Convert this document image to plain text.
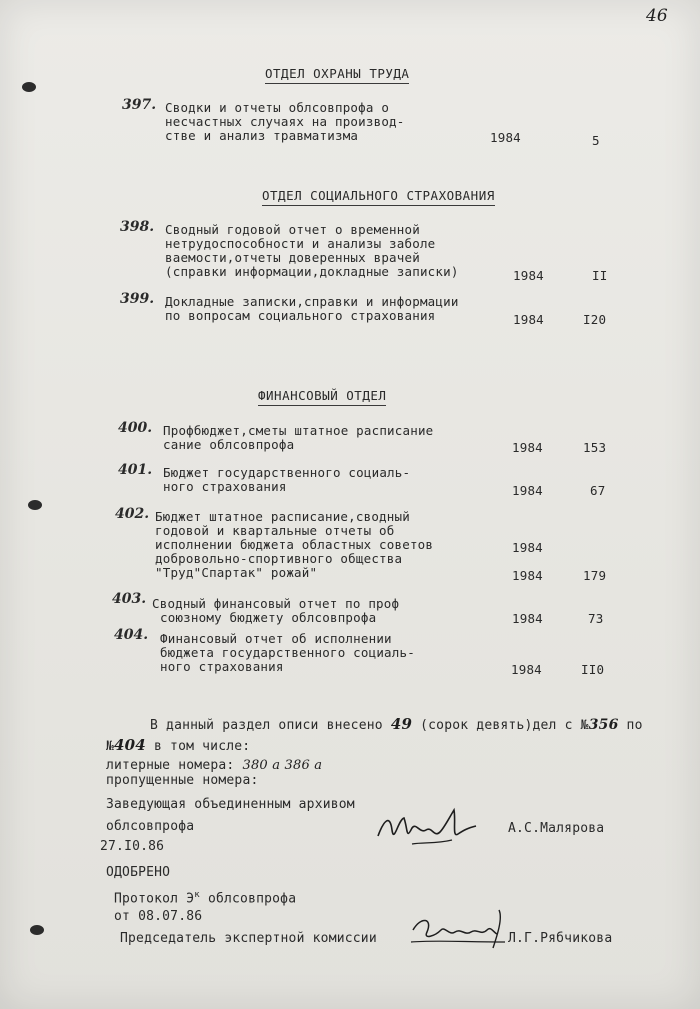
46
ОТДЕЛ ОХРАНЫ ТРУДА
397. Сводки и отчеты облсовпрофа о
несчастных случаях на производ-
стве и анализ травматизма	1984	5
ОТДЕЛ СОЦИАЛЬНОГО СТРАХОВАНИЯ
398. Сводный годовой отчет о временной
нетрудоспособности и анализы заболе
ваемости,отчеты доверенных врачей
(справки информации,докладные записки)	1984	II
399. Докладные записки,справки и информации
по вопросам социального страхования	1984	I20
ФИНАНСОВЫЙ ОТДЕЛ
400. Профбюджет,сметы штатное расписание
сание облсовпрофа	1984	153
401. Бюджет государственного социаль-
ного страхования	1984	67
402. Бюджет штатное расписание,сводный
годовой и квартальные отчеты об
исполнении бюджета областных советов
добровольно-спортивного общества
"Труд"Спартак" рожай"
1984
1984	179
403. Сводный финансовый отчет по проф
союзному бюджету облсовпрофа	1984	73
404. Финансовый отчет об исполнении
бюджета государственного социаль-
ного страхования	1984	II0
В данный раздел описи внесено 49 (сорок девять)дел с №356 по
№404 в том числе:
литерные номера: 380 а 386 а
пропущенные номера:
Заведующая объединенным архивом
облсовпрофа
27.I0.86
А.С.Малярова
ОДОБРЕНО
Протокол $Э^к$ облсовпрофа
от 08.07.86
Председатель экспертной комиссии	Л.Г.Рябчикова
